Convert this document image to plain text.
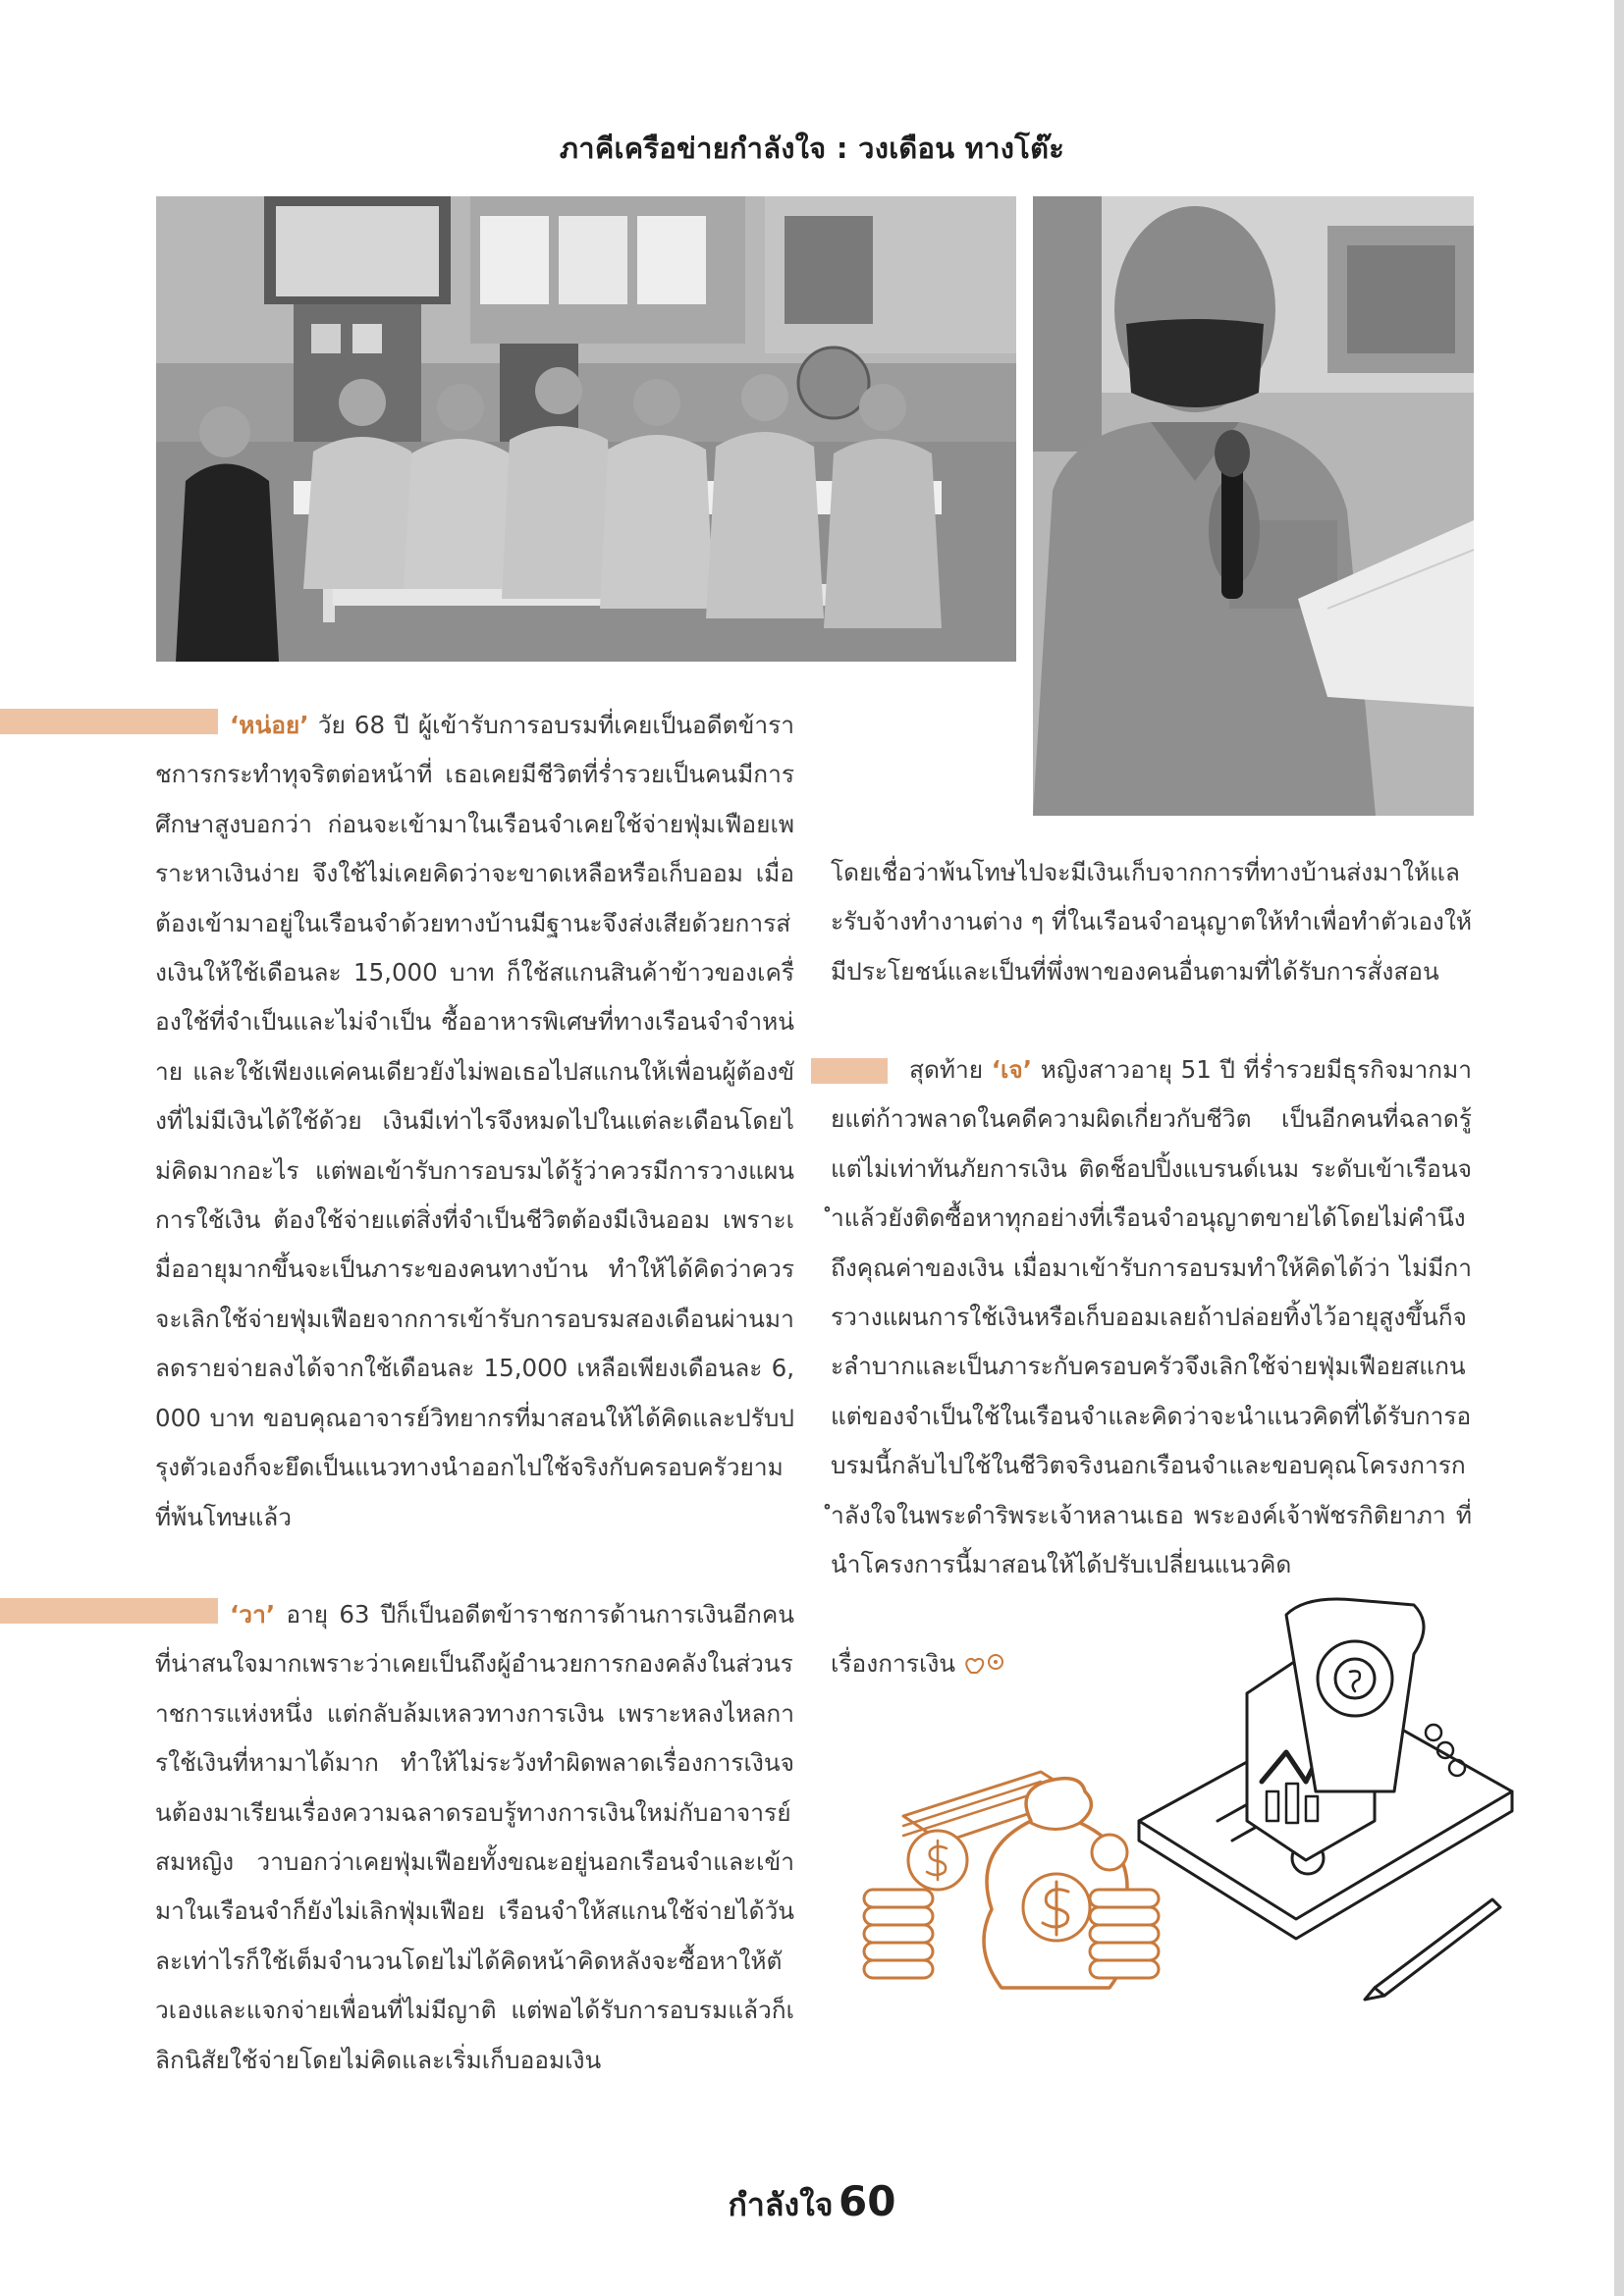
ภาคีเครือข่ายกำลังใจ : วงเดือน ทางโต๊ะ

‘หน่อย’ วัย 68 ปี ผู้เข้ารับการอบรมที่เคยเป็นอดีตข้าราชการกระทำทุจริตต่อหน้าที่ เธอเคยมีชีวิตที่ร่ำรวยเป็นคนมีการศึกษาสูงบอกว่า ก่อนจะเข้ามาในเรือนจำเคยใช้จ่ายฟุ่มเฟือยเพราะหาเงินง่าย จึงใช้ไม่เคยคิดว่าจะขาดเหลือหรือเก็บออม เมื่อต้องเข้ามาอยู่ในเรือนจำด้วยทางบ้านมีฐานะจึงส่งเสียด้วยการส่งเงินให้ใช้เดือนละ 15,000 บาท ก็ใช้สแกนสินค้าข้าวของเครื่องใช้ที่จำเป็นและไม่จำเป็น ซื้ออาหารพิเศษที่ทางเรือนจำจำหน่าย และใช้เพียงแค่คนเดียวยังไม่พอเธอไปสแกนให้เพื่อนผู้ต้องขังที่ไม่มีเงินได้ใช้ด้วย เงินมีเท่าไรจึงหมดไปในแต่ละเดือนโดยไม่คิดมากอะไร แต่พอเข้ารับการอบรมได้รู้ว่าควรมีการวางแผนการใช้เงิน ต้องใช้จ่ายแต่สิ่งที่จำเป็นชีวิตต้องมีเงินออม เพราะเมื่ออายุมากขึ้นจะเป็นภาระของคนทางบ้าน ทำให้ได้คิดว่าควรจะเลิกใช้จ่ายฟุ่มเฟือยจากการเข้ารับการอบรมสองเดือนผ่านมาลดรายจ่ายลงได้จากใช้เดือนละ 15,000 เหลือเพียงเดือนละ 6,000 บาท ขอบคุณอาจารย์วิทยากรที่มาสอนให้ได้คิดและปรับปรุงตัวเองก็จะยึดเป็นแนวทางนำออกไปใช้จริงกับครอบครัวยามที่พ้นโทษแล้ว

‘วา’ อายุ 63 ปีก็เป็นอดีตข้าราชการด้านการเงินอีกคนที่น่าสนใจมากเพราะว่าเคยเป็นถึงผู้อำนวยการกองคลังในส่วนราชการแห่งหนึ่ง แต่กลับล้มเหลวทางการเงิน เพราะหลงไหลการใช้เงินที่หามาได้มาก ทำให้ไม่ระวังทำผิดพลาดเรื่องการเงินจนต้องมาเรียนเรื่องความฉลาดรอบรู้ทางการเงินใหม่กับอาจารย์สมหญิง วาบอกว่าเคยฟุ่มเฟือยทั้งขณะอยู่นอกเรือนจำและเข้ามาในเรือนจำก็ยังไม่เลิกฟุ่มเฟือย เรือนจำให้สแกนใช้จ่ายได้วันละเท่าไรก็ใช้เต็มจำนวนโดยไม่ได้คิดหน้าคิดหลังจะซื้อหาให้ตัวเองและแจกจ่ายเพื่อนที่ไม่มีญาติ แต่พอได้รับการอบรมแล้วก็เลิกนิสัยใช้จ่ายโดยไม่คิดและเริ่มเก็บออมเงิน

โดยเชื่อว่าพ้นโทษไปจะมีเงินเก็บจากการที่ทางบ้านส่งมาให้และรับจ้างทำงานต่าง ๆ ที่ในเรือนจำอนุญาตให้ทำเพื่อทำตัวเองให้มีประโยชน์และเป็นที่พึ่งพาของคนอื่นตามที่ได้รับการสั่งสอน

สุดท้าย ‘เจ’ หญิงสาวอายุ 51 ปี ที่ร่ำรวยมีธุรกิจมากมายแต่ก้าวพลาดในคดีความผิดเกี่ยวกับชีวิต เป็นอีกคนที่ฉลาดรู้ แต่ไม่เท่าทันภัยการเงิน ติดช็อปปิ้งแบรนด์เนม ระดับเข้าเรือนจำแล้วยังติดซื้อหาทุกอย่างที่เรือนจำอนุญาตขายได้โดยไม่คำนึงถึงคุณค่าของเงิน เมื่อมาเข้ารับการอบรมทำให้คิดได้ว่า ไม่มีการวางแผนการใช้เงินหรือเก็บออมเลยถ้าปล่อยทิ้งไว้อายุสูงขึ้นก็จะลำบากและเป็นภาระกับครอบครัวจึงเลิกใช้จ่ายฟุ่มเฟือยสแกนแต่ของจำเป็นใช้ในเรือนจำและคิดว่าจะนำแนวคิดที่ได้รับการอบรมนี้กลับไปใช้ในชีวิตจริงนอกเรือนจำและขอบคุณโครงการกำลังใจในพระดำริพระเจ้าหลานเธอ พระองค์เจ้าพัชรกิติยาภา ที่นำโครงการนี้มาสอนให้ได้ปรับเปลี่ยนแนวคิด

เรื่องการเงิน
กำลังใจ 60
